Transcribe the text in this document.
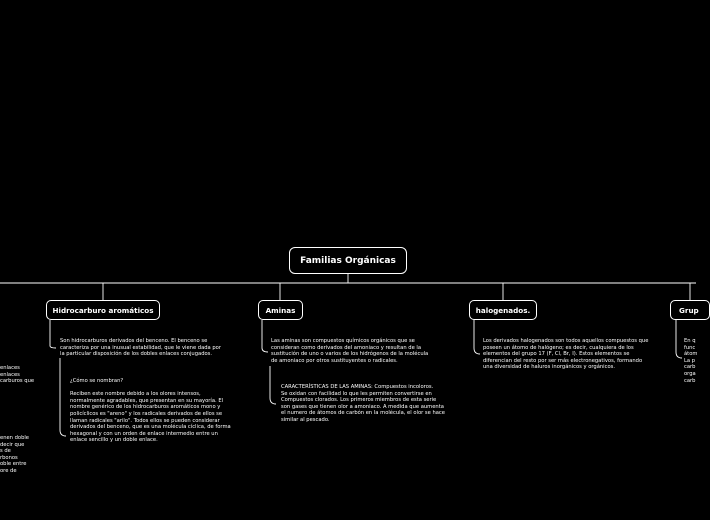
Familias Orgánicas
Hidrocarburo aromáticos	Aminas	halogenados.	Grup
Son hidrocarburos derivados del benceno. El benceno se
caracteriza por una inusual estabilidad, que le viene dada por
la particular disposición de los dobles enlaces conjugados.
¿Cómo se nombran?

Reciben este nombre debido a los olores intensos,
normalmente agradables, que presentan en su mayoría. El
nombre genérico de los hidrocarburos aromáticos mono y
policíclicos es "areno" y los radicales derivados de ellos se
llaman radicales "arilo". Todos ellos se pueden considerar
derivados del benceno, que es una molécula cíclica, de forma
hexagonal y con un orden de enlace intermedio entre un
enlace sencillo y un doble enlace.
Las aminas son compuestos químicos orgánicos que se
consideran como derivados del amoniaco y resultan de la
sustitución de uno o varios de los hidrógenos de la molécula
de amoniaco por otros sustituyentes o radicales.
CARACTERÍSTICAS DE LAS AMINAS: Compuestos incoloros.
Se oxidan con facilidad lo que les permiten convertirse en
Compuestos clorados. Los primeros miembros de esta serie
son gases que tienen olor a amoniaco. A medida que aumenta
el numero de átomos de carbón en la molécula, el olor se hace
similar al pescado.
Los derivados halogenados son todos aquellos compuestos que
poseen un átomo de halógeno; es decir, cualquiera de los
elementos del grupo 17 (F, Cl, Br, I). Estos elementos se
diferencian del resto por ser más electronegativos, formando
una diversidad de haluros inorgánicos y orgánicos.
En q
func
átom
La p
carb
orga
carb
enlaces
enlaces
carburos que
enen doble
decir que
s de
rbonos
oble entre
ore de
